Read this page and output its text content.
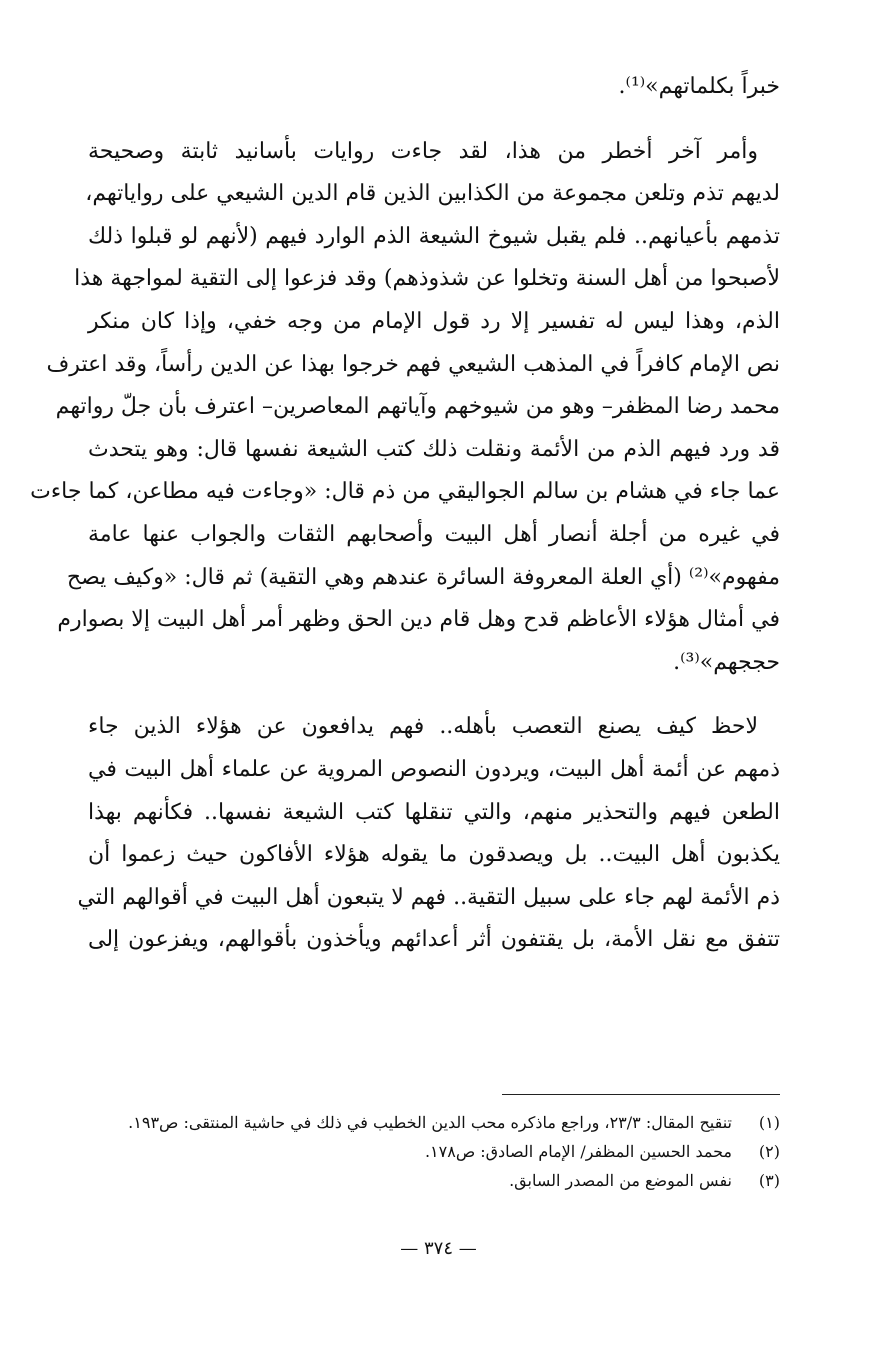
خبراً بكلماتهم»⁽¹⁾.
وأمر آخر أخطر من هذا، لقد جاءت روايات بأسانيد ثابتة وصحيحة
لديهم تذم وتلعن مجموعة من الكذابين الذين قام الدين الشيعي على رواياتهم،
تذمهم بأعيانهم.. فلم يقبل شيوخ الشيعة الذم الوارد فيهم (لأنهم لو قبلوا ذلك
لأصبحوا من أهل السنة وتخلوا عن شذوذهم) وقد فزعوا إلى التقية لمواجهة هذا
الذم، وهذا ليس له تفسير إلا رد قول الإمام من وجه خفي، وإذا كان منكر
نص الإمام كافراً في المذهب الشيعي فهم خرجوا بهذا عن الدين رأساً، وقد اعترف
محمد رضا المظفر– وهو من شيوخهم وآياتهم المعاصرين– اعترف بأن جلّ رواتهم
قد ورد فيهم الذم من الأئمة ونقلت ذلك كتب الشيعة نفسها قال: وهو يتحدث
عما جاء في هشام بن سالم الجواليقي من ذم قال: «وجاءت فيه مطاعن، كما جاءت
في غيره من أجلة أنصار أهل البيت وأصحابهم الثقات والجواب عنها عامة
مفهوم»⁽²⁾ (أي العلة المعروفة السائرة عندهم وهي التقية) ثم قال: «وكيف يصح
في أمثال هؤلاء الأعاظم قدح وهل قام دين الحق وظهر أمر أهل البيت إلا بصوارم
حججهم»⁽³⁾.
لاحظ كيف يصنع التعصب بأهله.. فهم يدافعون عن هؤلاء الذين جاء
ذمهم عن أئمة أهل البيت، ويردون النصوص المروية عن علماء أهل البيت في
الطعن فيهم والتحذير منهم، والتي تنقلها كتب الشيعة نفسها.. فكأنهم بهذا
يكذبون أهل البيت.. بل ويصدقون ما يقوله هؤلاء الأفاكون حيث زعموا أن
ذم الأئمة لهم جاء على سبيل التقية.. فهم لا يتبعون أهل البيت في أقوالهم التي
تتفق مع نقل الأمة، بل يقتفون أثر أعدائهم ويأخذون بأقوالهم، ويفزعون إلى
(١)تنقيح المقال: ٢٣/٣، وراجع ماذكره محب الدين الخطيب في ذلك في حاشية المنتقى: ص١٩٣.
(٢)محمد الحسين المظفر/ الإمام الصادق: ص١٧٨.
(٣)نفس الموضع من المصدر السابق.
— ٣٧٤ —
